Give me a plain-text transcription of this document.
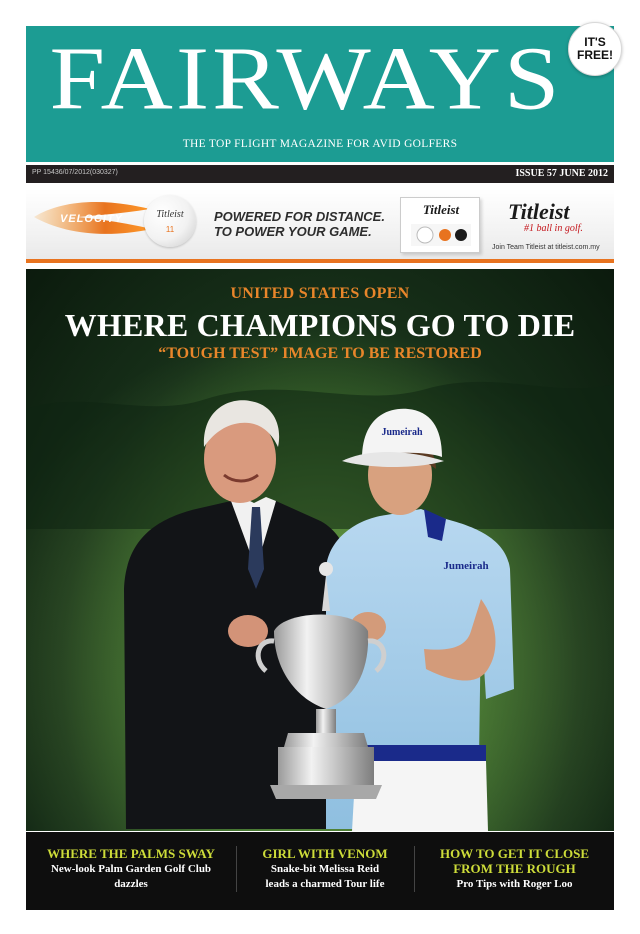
FAIRWAYS
THE TOP FLIGHT MAGAZINE FOR AVID GOLFERS
PP 15436/07/2012(030327)	ISSUE 57 JUNE 2012
VELOCITY	Titleist
11
POWERED FOR DISTANCE.
TO POWER YOUR GAME.
Titleist	Titleist
#1 ball in golf.
Join Team Titleist at titleist.com.my
Jumeirah
Jumeirah
UNITED STATES OPEN
WHERE CHAMPIONS GO TO DIE
“TOUGH TEST” IMAGE TO BE RESTORED
WHERE THE PALMS SWAY
New-look Palm Garden Golf Club
dazzles
GIRL WITH VENOM
Snake-bit Melissa Reid
leads a charmed Tour life
HOW TO GET IT CLOSE
FROM THE ROUGH
Pro Tips with Roger Loo
IT'S
FREE!
